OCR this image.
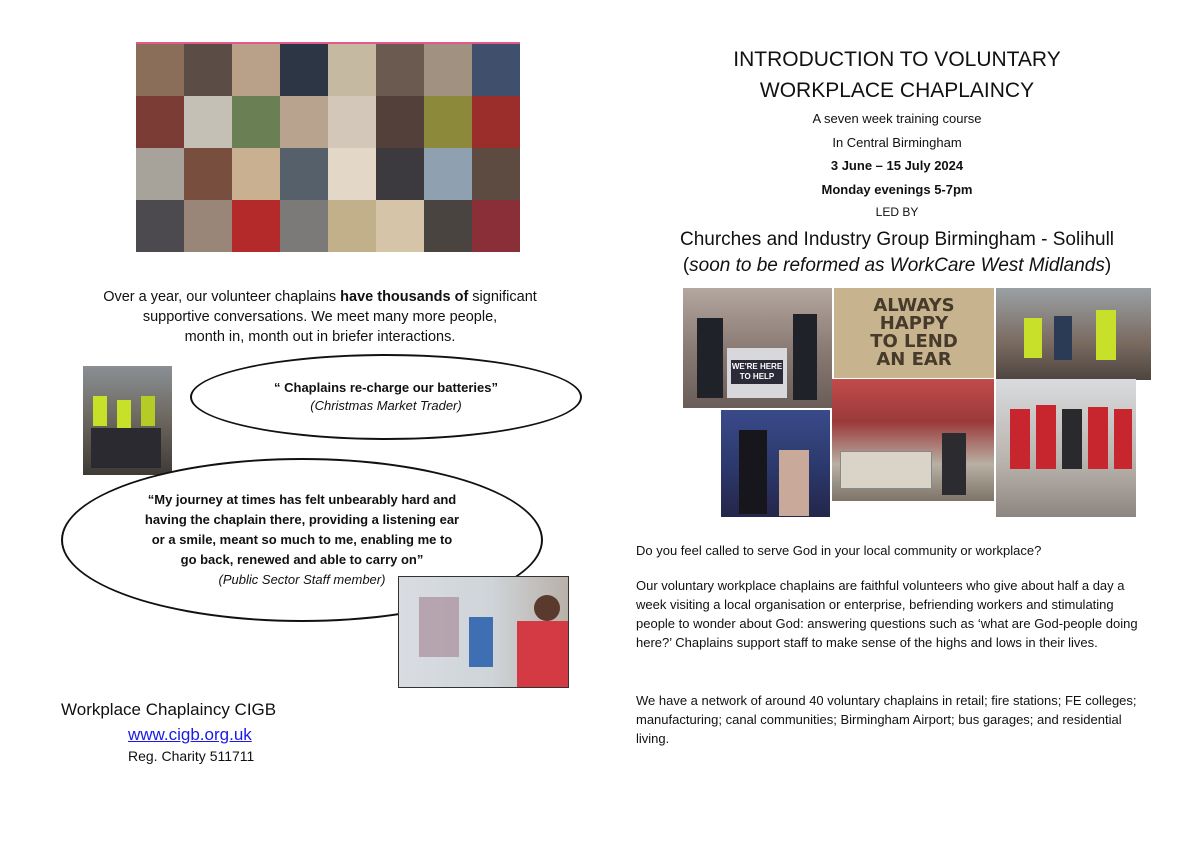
Over a year, our volunteer chaplains have thousands of significant
supportive conversations. We meet many more people,
month in, month out in briefer interactions.
“ Chaplains re-charge our batteries”
(Christmas Market Trader)
“My journey at times has felt unbearably hard and
having the chaplain there, providing a listening ear
or a smile, meant so much to me, enabling me to
go back, renewed and able to carry on”
(Public Sector Staff member)
Workplace Chaplaincy CIGB
www.cigb.org.uk
Reg. Charity 511711
INTRODUCTION TO VOLUNTARY
WORKPLACE CHAPLAINCY
A seven week training course
In Central Birmingham
3 June – 15 July 2024
Monday evenings 5-7pm
LED BY
Churches and Industry Group Birmingham - Solihull
(soon to be reformed as WorkCare West Midlands)
WE'RE HERE
TO HELP
ALWAYS
HAPPY
TO LEND
AN EAR
Do you feel called to serve God in your local community or workplace?
Our voluntary workplace chaplains are faithful volunteers who give about half a day a week visiting a local organisation or enterprise, befriending workers and stimulating people to wonder about God: answering questions such as ‘what are God-people doing here?’ Chaplains support staff to make sense of the highs and lows in their lives.
We have a network of around 40 voluntary chaplains in retail; fire stations; FE colleges; manufacturing; canal communities; Birmingham Airport; bus garages; and residential living.
